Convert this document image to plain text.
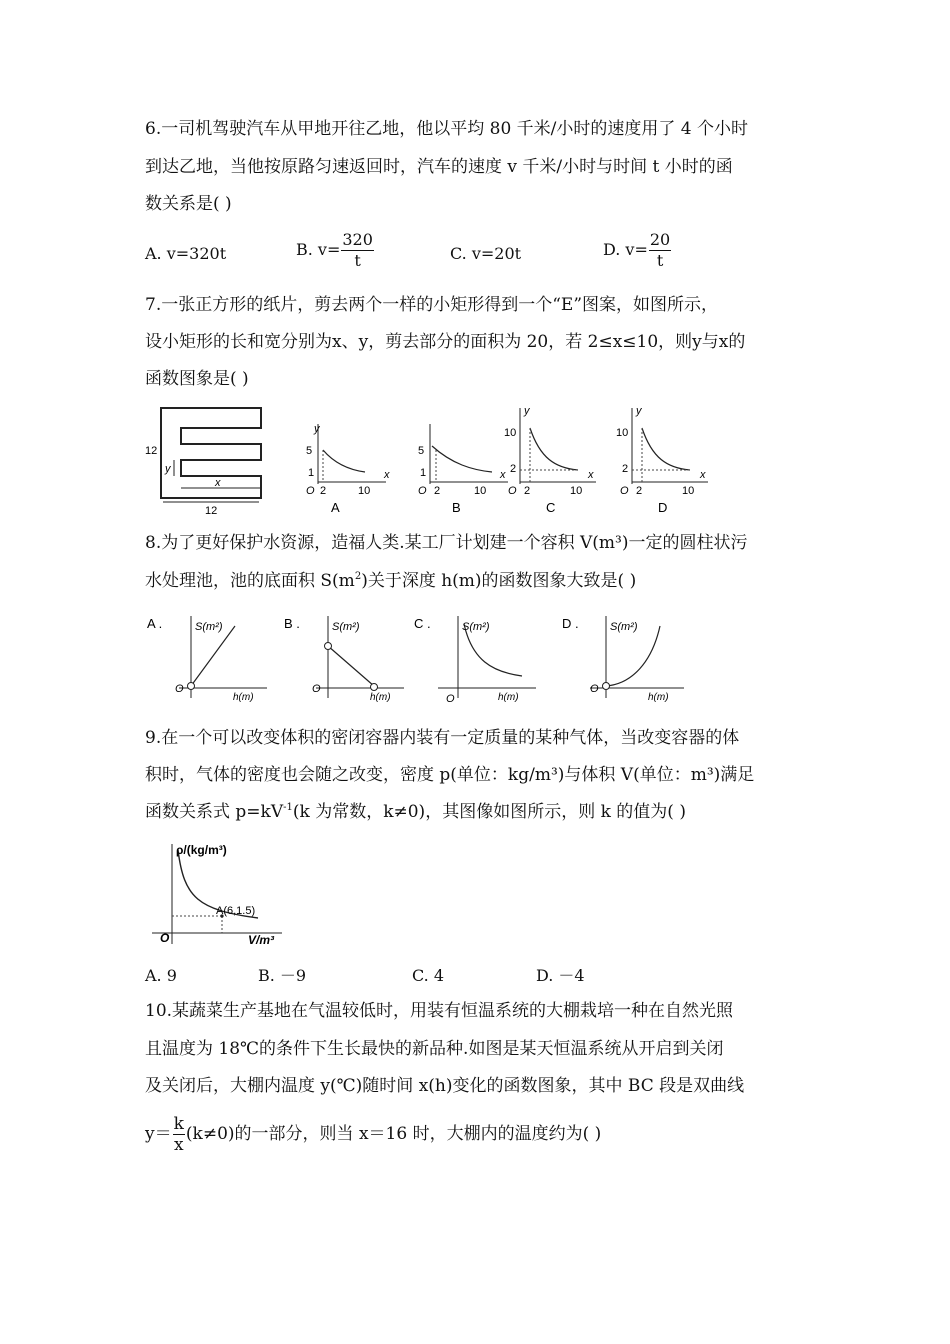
6.一司机驾驶汽车从甲地开往乙地，他以平均 80 千米/小时的速度用了 4 个小时
到达乙地，当他按原路匀速返回时，汽车的速度 v 千米/小时与时间 t 小时的函
数关系是( )
A. v=320t	B. $v= \frac{320}{t}$	C. v=20t	D. $v= \frac{20}{t}$
7.一张正方形的纸片，剪去两个一样的小矩形得到一个“E”图案，如图所示，
设小矩形的长和宽分别为x、y，剪去部分的面积为 20，若 2≤x≤10，则y与x的
函数图象是( )
12
y
x
12
y
x
5
1
O 2	10
A
5
1
O 2	10
x
B
y
10
2
O 2	10
x
C
y
10
2
O 2	10
x
D
8.为了更好保护水资源，造福人类.某工厂计划建一个容积 V(m³)一定的圆柱状污
水处理池，池的底面积 $S(m^2)$关于深度 h(m)的函数图象大致是( )
A .	S(m²)
O
h(m)
B .	S(m²)
O
h(m)
C .	S(m²)
O	h(m)
D .	S(m²)
O
h(m)
9.在一个可以改变体积的密闭容器内装有一定质量的某种气体，当改变容器的体
积时，气体的密度也会随之改变，密度 p(单位：kg/m³)与体积 V(单位：m³)满足
函数关系式 $p=kV^{-1}(k$ 为常数，k≠0)，其图像如图所示，则 k 的值为( )
ρ/(kg/m³)
A(6,1.5)
O	V/m³
A. 9	B. －9	C. 4	D. －4
10.某蔬菜生产基地在气温较低时，用装有恒温系统的大棚栽培一种在自然光照
且温度为 18℃的条件下生长最快的新品种.如图是某天恒温系统从开启到关闭
及关闭后，大棚内温度 y(℃)随时间 x(h)变化的函数图象，其中 BC 段是双曲线
$y= \frac{k}{x} (k\ne 0)$的一部分，则当 x＝16 时，大棚内的温度约为( )
